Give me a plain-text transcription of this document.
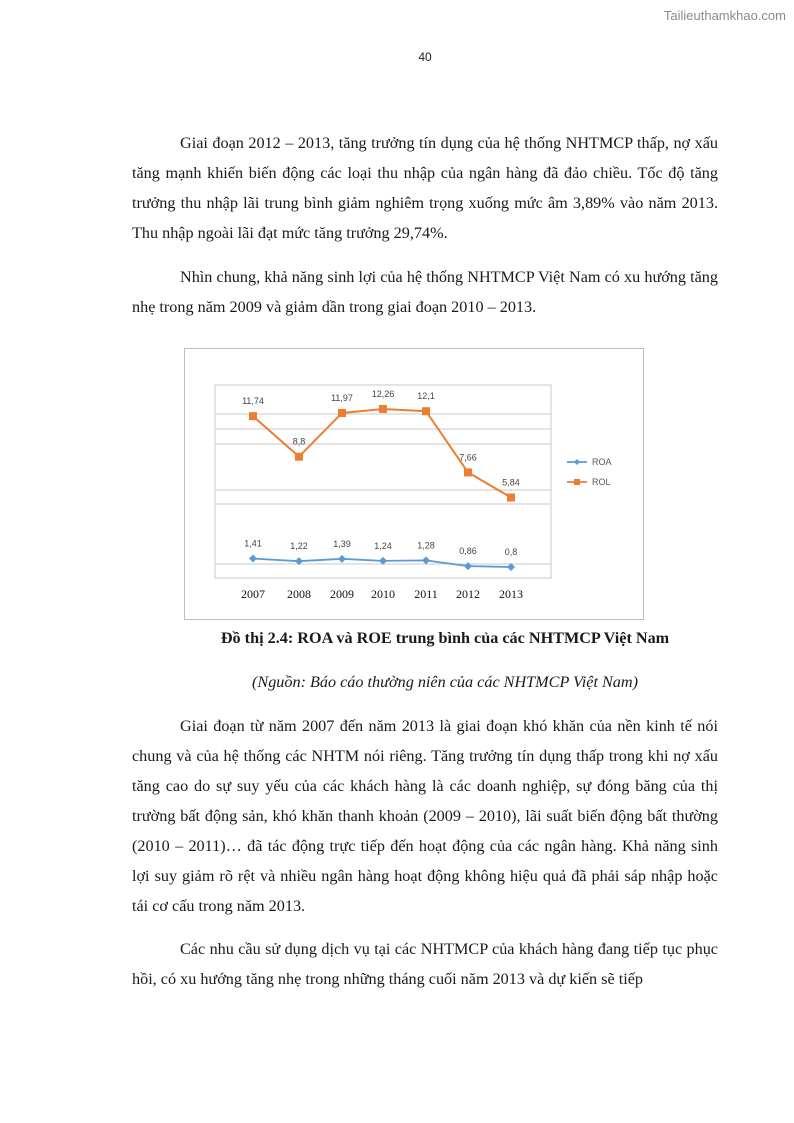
Tailieuthamkhao.com
40

Giai đoạn 2012 – 2013, tăng trưởng tín dụng của hệ thống NHTMCP thấp, nợ xấu tăng mạnh khiến biến động các loại thu nhập của ngân hàng đã đảo chiều. Tốc độ tăng trưởng thu nhập lãi trung bình giảm nghiêm trọng xuống mức âm 3,89% vào năm 2013. Thu nhập ngoài lãi đạt mức tăng trưởng 29,74%.

Nhìn chung, khả năng sinh lợi của hệ thống NHTMCP Việt Nam có xu hướng tăng nhẹ trong năm 2009 và giảm dần trong giai đoạn 2010 – 2013.

1,41	1,22	1,39	1,24	1,28
0,86	0,8
11,74
8,8
11,97 12,26	12,1
7,66
5,84
2007 2008 2009 2010 2011 2012 2013
ROA
ROL

Đồ thị 2.4: ROA và ROE trung bình của các NHTMCP Việt Nam

(Nguồn: Báo cáo thường niên của các NHTMCP Việt Nam)

Giai đoạn từ năm 2007 đến năm 2013 là giai đoạn khó khăn của nền kinh tế nói chung và của hệ thống các NHTM nói riêng. Tăng trưởng tín dụng thấp trong khi nợ xấu tăng cao do sự suy yếu của các khách hàng là các doanh nghiệp, sự đóng băng của thị trường bất động sản, khó khăn thanh khoản (2009 – 2010), lãi suất biến động bất thường (2010 – 2011)… đã tác động trực tiếp đến hoạt động của các ngân hàng. Khả năng sinh lợi suy giảm rõ rệt và nhiều ngân hàng hoạt động không hiệu quả đã phải sáp nhập hoặc tái cơ cấu trong năm 2013.

Các nhu cầu sử dụng dịch vụ tại các NHTMCP của khách hàng đang tiếp tục phục hồi, có xu hướng tăng nhẹ trong những tháng cuối năm 2013 và dự kiến sẽ tiếp
